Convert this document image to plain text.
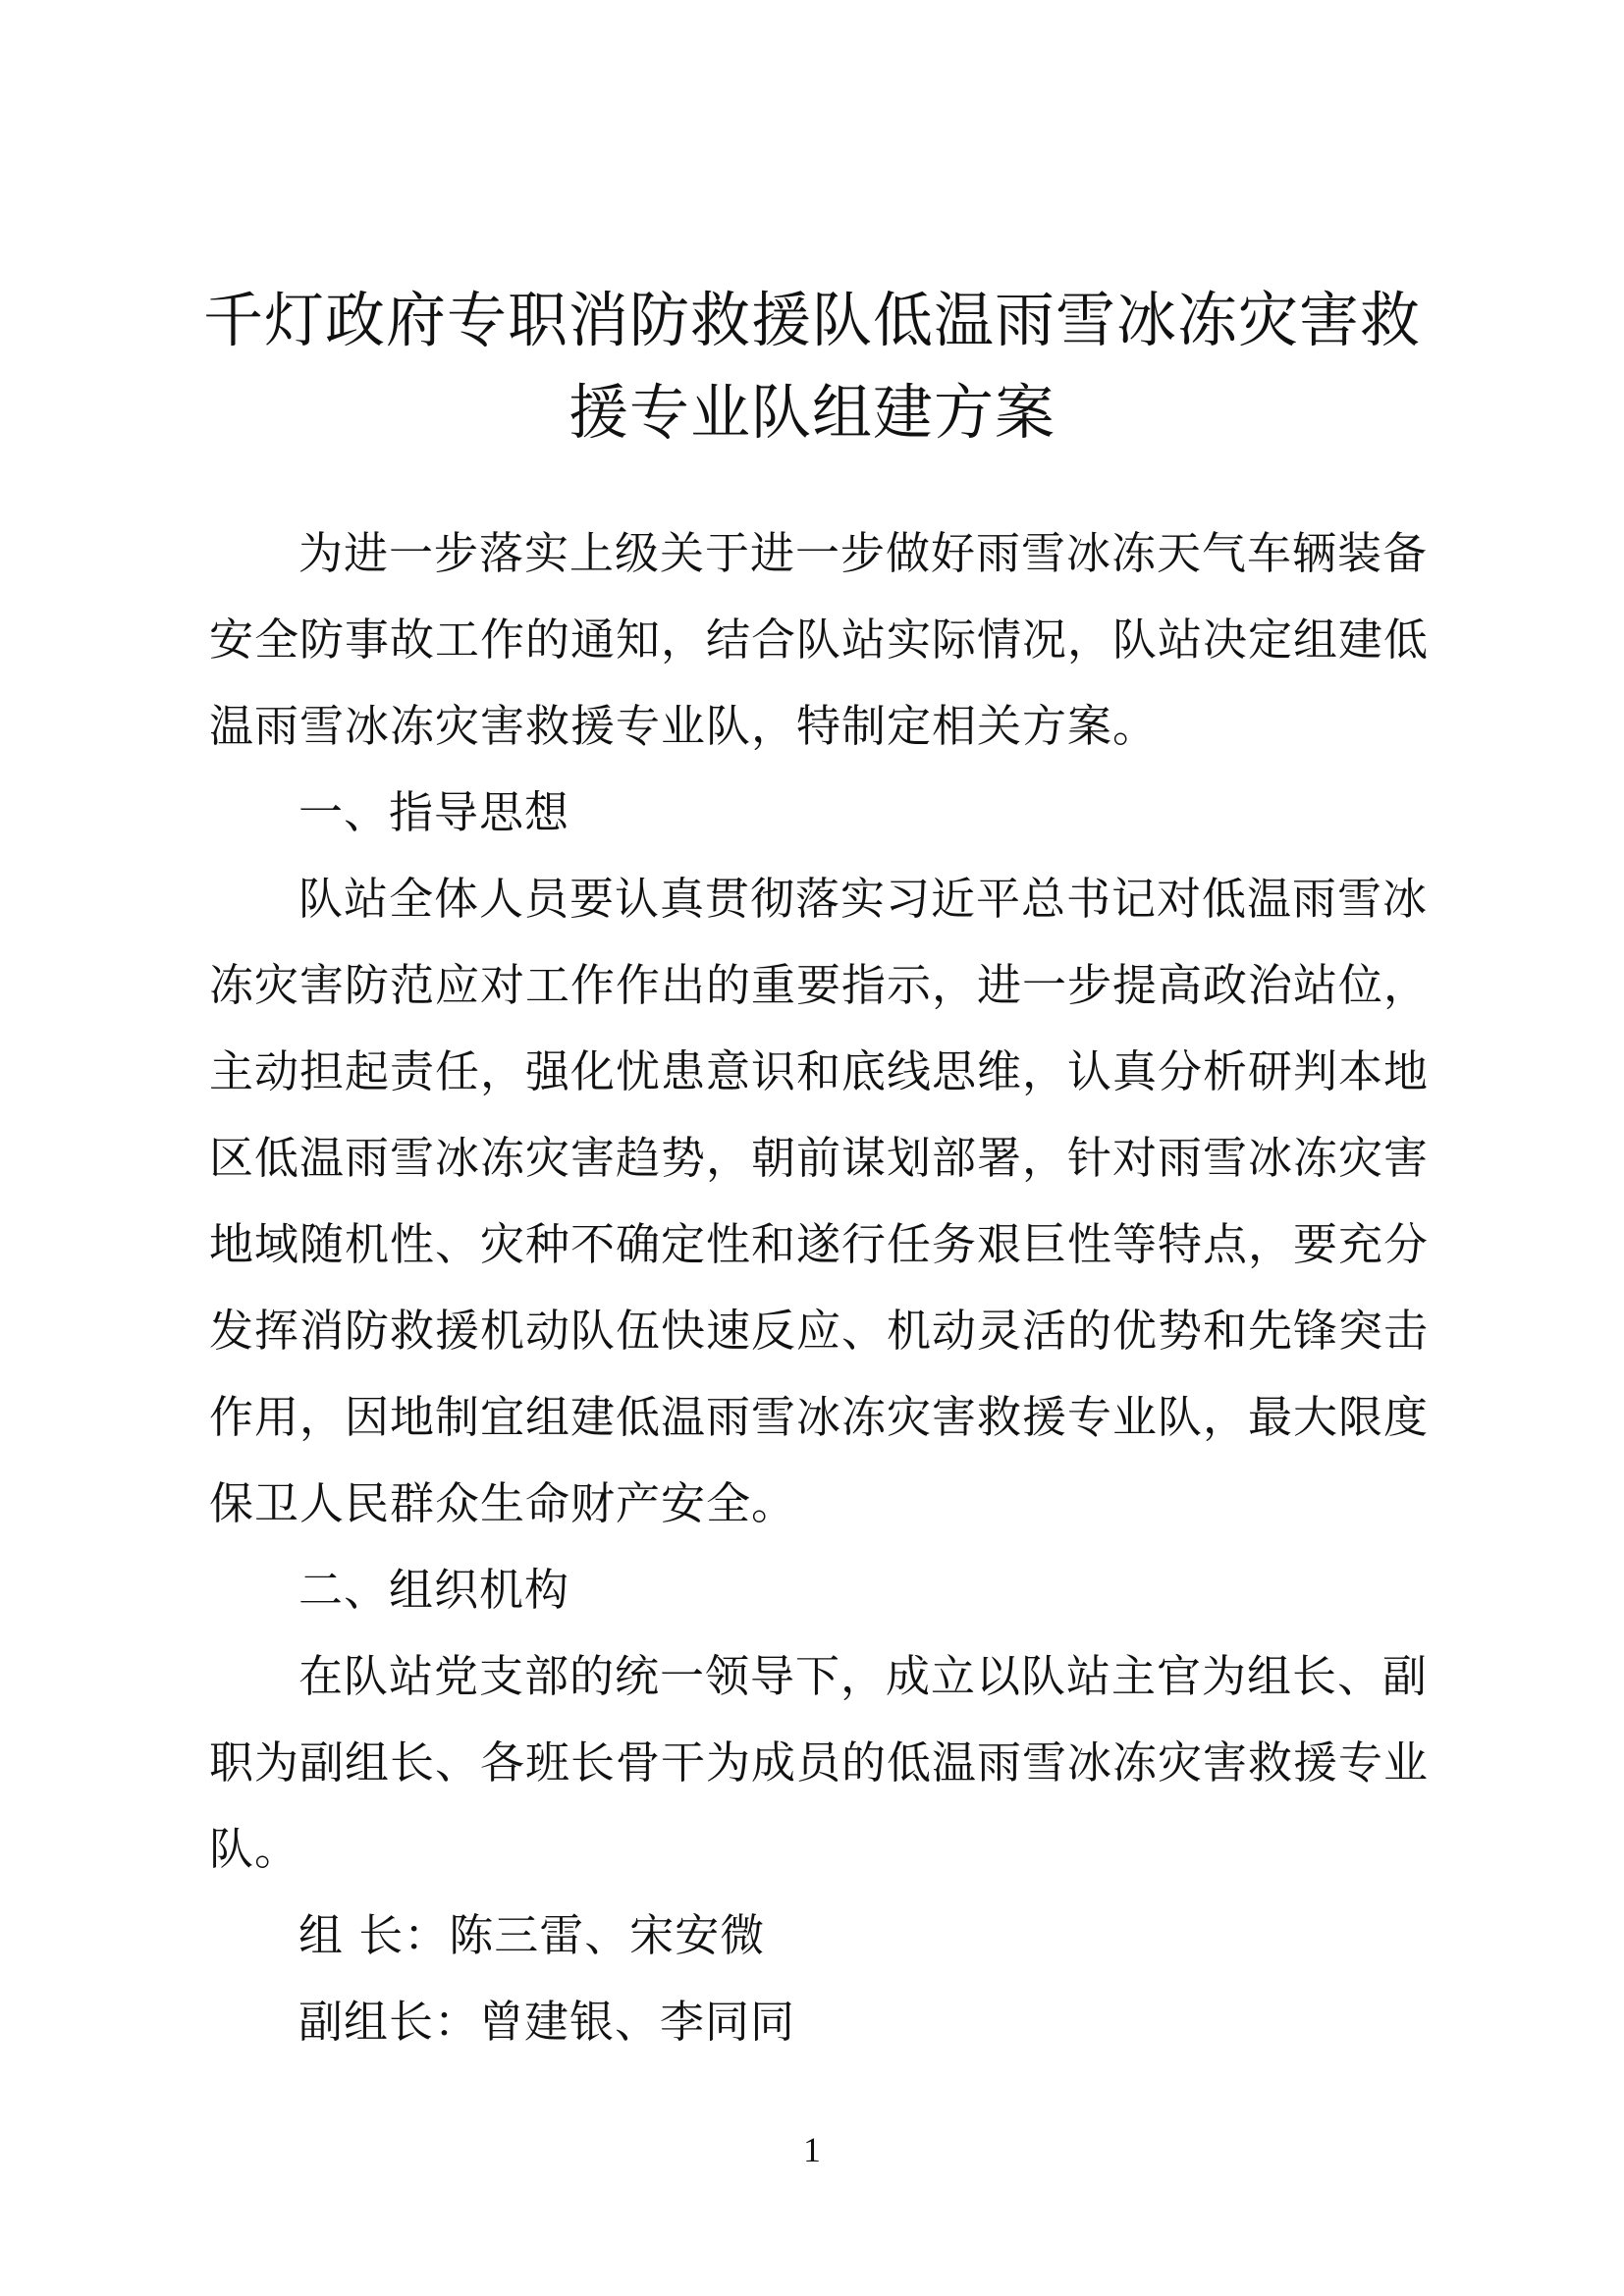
千灯政府专职消防救援队低温雨雪冰冻灾害救
援专业队组建方案
为进一步落实上级关于进一步做好雨雪冰冻天气车辆装备
安全防事故工作的通知，结合队站实际情况，队站决定组建低
温雨雪冰冻灾害救援专业队，特制定相关方案。
一、指导思想
队站全体人员要认真贯彻落实习近平总书记对低温雨雪冰
冻灾害防范应对工作作出的重要指示，进一步提高政治站位，
主动担起责任，强化忧患意识和底线思维，认真分析研判本地
区低温雨雪冰冻灾害趋势，朝前谋划部署，针对雨雪冰冻灾害
地域随机性、灾种不确定性和遂行任务艰巨性等特点，要充分
发挥消防救援机动队伍快速反应、机动灵活的优势和先锋突击
作用，因地制宜组建低温雨雪冰冻灾害救援专业队，最大限度
保卫人民群众生命财产安全。
二、组织机构
在队站党支部的统一领导下，成立以队站主官为组长、副
职为副组长、各班长骨干为成员的低温雨雪冰冻灾害救援专业
队。
组 长：陈三雷、宋安微
副组长：曾建银、李同同
1
